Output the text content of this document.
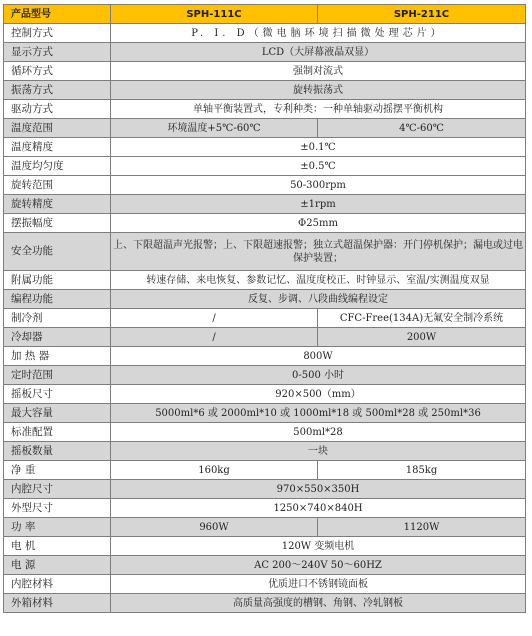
产品型号	SPH-111C	SPH-211C
控制方式	P. I. D（微电脑环境扫描微处理芯片）	
显示方式	LCD（大屏幕液晶双显）	
循环方式	强制对流式	
振荡方式	旋转振荡式	
驱动方式	单轴平衡装置式，专利种类：一种单轴驱动摇摆平衡机构	
温度范围	环境温度+5℃-60℃	4℃-60℃
温度精度	±0.1℃	
温度均匀度	±0.5℃	
旋转范围	50-300rpm	
旋转精度	±1rpm	
摆振幅度	Φ25mm	
安全功能	上、下限超温声光报警；上、下限超速报警；独立式超温保护器：开门停机保护；漏电或过电保护装置；	
附属功能	转速存储、来电恢复、参数记忆、温度度校正、时钟显示、室温/实测温度双显	
编程功能	反复、步调、八段曲线编程设定	
制冷剂	/	CFC-Free(134A)无氟安全制冷系统
冷却器	/	200W
加 热 器	800W	
定时范围	0-500 小时	
摇板尺寸	920×500（mm）	
最大容量	5000ml*6 或 2000ml*10 或 1000ml*18 或 500ml*28 或 250ml*36	
标准配置	500ml*28	
摇板数量	一块	
净 重	160kg	185kg
内腔尺寸	970×550×350H	
外型尺寸	1250×740×840H	
功 率	960W	1120W
电 机	120W 变频电机	
电 源	AC 200～240V 50～60HZ	
内腔材料	优质进口不锈钢镜面板	
外箱材料	高质量高强度的槽钢、角钢、冷轧钢板	
